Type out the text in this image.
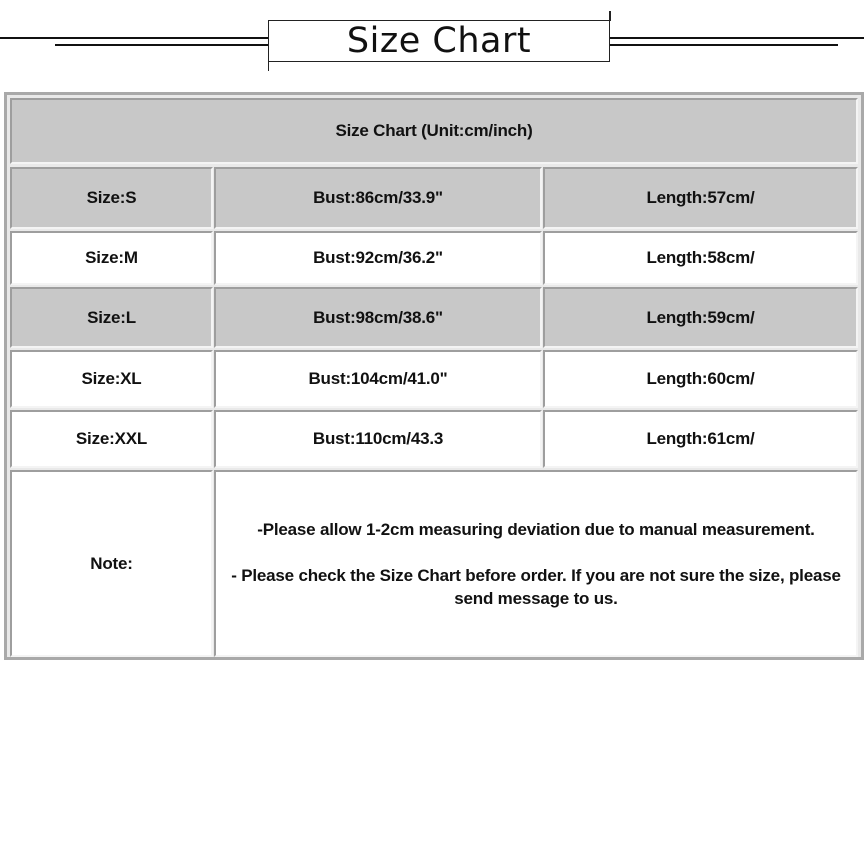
Size Chart
Size Chart (Unit:cm/inch)
Size:S	Bust:86cm/33.9"	Length:57cm/
Size:M	Bust:92cm/36.2"	Length:58cm/
Size:L	Bust:98cm/38.6"	Length:59cm/
Size:XL	Bust:104cm/41.0"	Length:60cm/
Size:XXL	Bust:110cm/43.3	Length:61cm/
Note:

-Please allow 1-2cm measuring deviation due to manual measurement.

- Please check the Size Chart before order. If you are not sure the size, please send message to us.
